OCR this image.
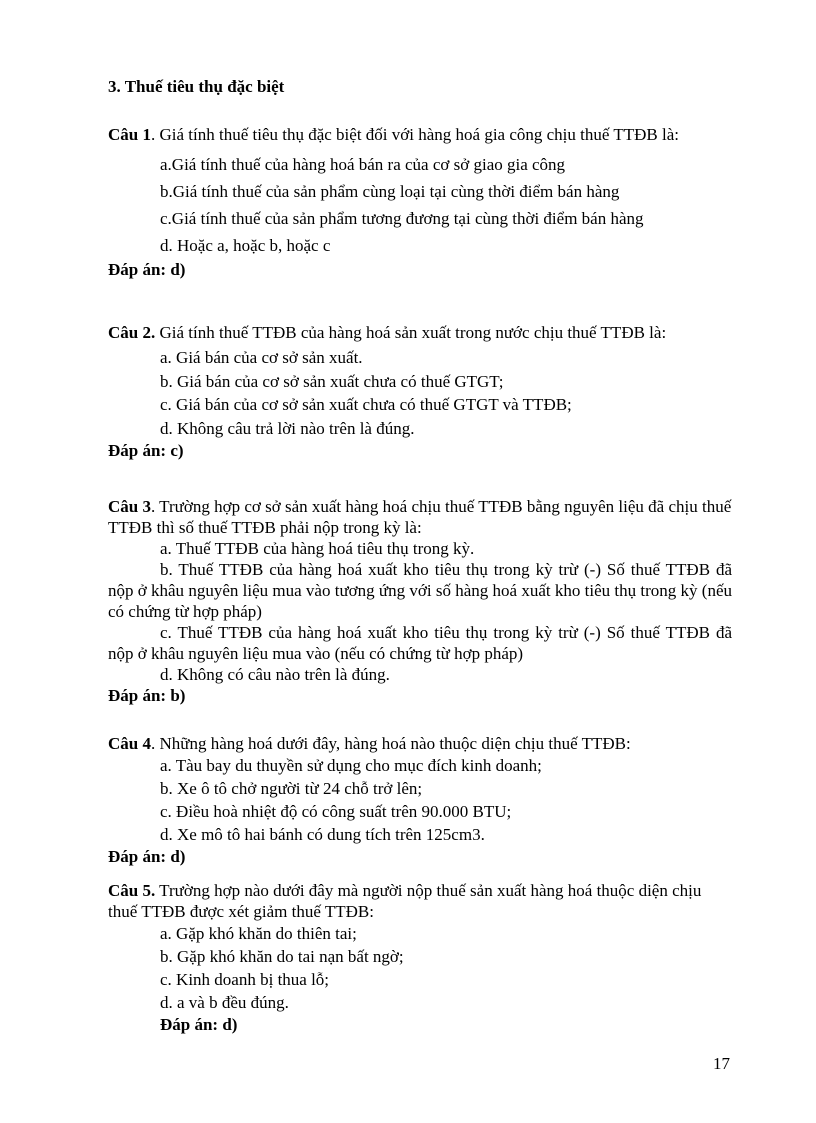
3. Thuế tiêu thụ đặc biệt

Câu 1. Giá tính thuế tiêu thụ đặc biệt đối với hàng hoá gia công chịu thuế TTĐB là:

a.Giá tính thuế của hàng hoá bán ra của cơ sở giao gia công

b.Giá tính thuế của sản phẩm cùng loại tại cùng thời điểm bán hàng

c.Giá tính thuế của sản phẩm tương đương tại cùng thời điểm bán hàng

d. Hoặc a, hoặc b, hoặc c

Đáp án: d)

Câu 2. Giá tính thuế TTĐB của hàng hoá sản xuất trong nước chịu thuế TTĐB là:

a. Giá bán của cơ sở sản xuất.

b. Giá bán của cơ sở sản xuất chưa có thuế GTGT;

c. Giá bán của cơ sở sản xuất chưa có thuế GTGT và TTĐB;

d. Không câu trả lời nào trên là đúng.

Đáp án: c)

Câu 3. Trường hợp cơ sở sản xuất hàng hoá chịu thuế TTĐB bằng nguyên liệu đã chịu thuế TTĐB thì số thuế TTĐB phải nộp trong kỳ là:

a. Thuế TTĐB của hàng hoá tiêu thụ trong kỳ.

b. Thuế TTĐB của hàng hoá xuất kho tiêu thụ trong kỳ trừ (-) Số thuế TTĐB đã nộp ở khâu nguyên liệu mua vào tương ứng với số hàng hoá xuất kho tiêu thụ trong kỳ (nếu có chứng từ hợp pháp)

c. Thuế TTĐB của hàng hoá xuất kho tiêu thụ trong kỳ trừ (-) Số thuế TTĐB đã nộp ở khâu nguyên liệu mua vào (nếu có chứng từ hợp pháp)

d. Không có câu nào trên là đúng.

Đáp án: b)

Câu 4. Những hàng hoá dưới đây, hàng hoá nào thuộc diện chịu thuế TTĐB:

a. Tàu bay du thuyền sử dụng cho mục đích kinh doanh;

b. Xe ô tô chở người từ 24 chỗ trở lên;

c. Điều hoà nhiệt độ có công suất trên 90.000 BTU;

d. Xe mô tô hai bánh có dung tích trên 125cm3.

Đáp án: d)

Câu 5. Trường hợp nào dưới đây mà người nộp thuế sản xuất hàng hoá thuộc diện chịu thuế TTĐB được xét giảm thuế TTĐB:

a. Gặp khó khăn do thiên tai;

b. Gặp khó khăn do tai nạn bất ngờ;

c. Kinh doanh bị thua lỗ;

d. a và b đều đúng.

Đáp án: d)

17
